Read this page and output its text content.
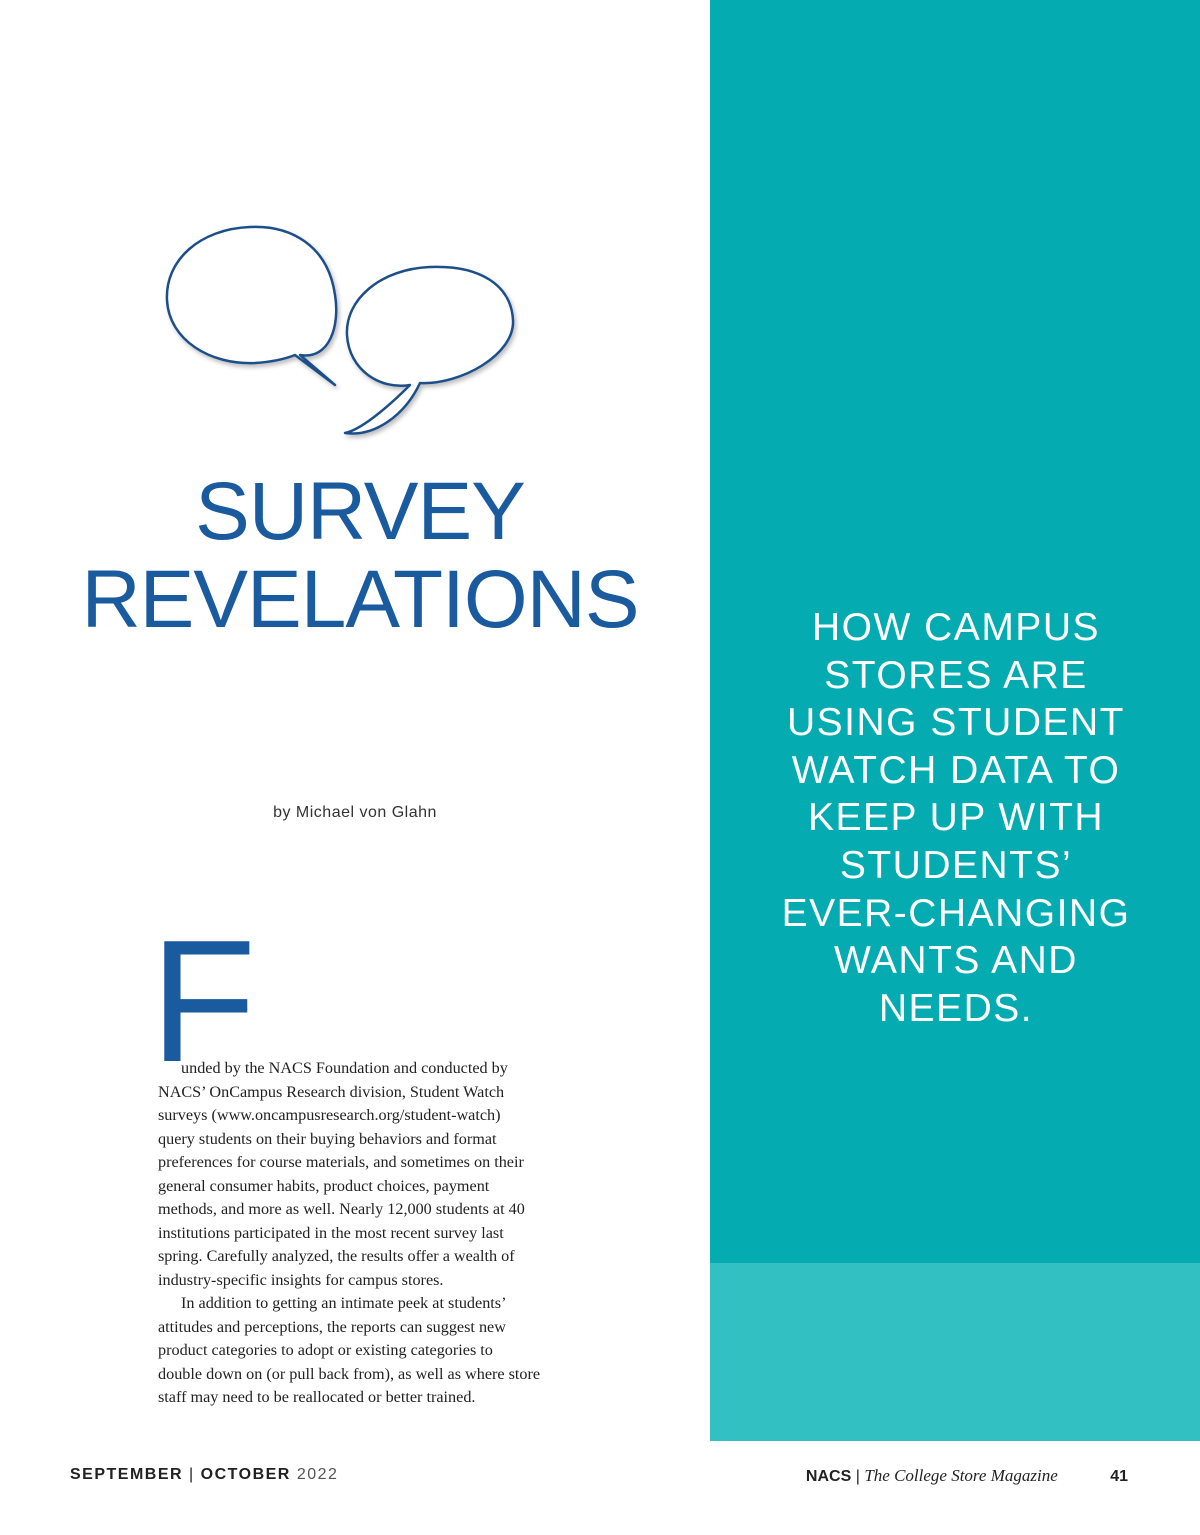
SURVEY
REVELATIONS
by Michael von Glahn

HOW CAMPUS
STORES ARE
USING STUDENT
WATCH DATA TO
KEEP UP WITH
STUDENTS’
EVER-CHANGING
WANTS AND
NEEDS.

F

unded by the NACS Foundation and conducted by
NACS’ OnCampus Research division, Student Watch
surveys (www.oncampusresearch.org/student-watch)
query students on their buying behaviors and format
preferences for course materials, and sometimes on their
general consumer habits, product choices, payment
methods, and more as well. Nearly 12,000 students at 40
institutions participated in the most recent survey last
spring. Carefully analyzed, the results offer a wealth of
industry-specific insights for campus stores.
In addition to getting an intimate peek at students’
attitudes and perceptions, the reports can suggest new
product categories to adopt or existing categories to
double down on (or pull back from), as well as where store
staff may need to be reallocated or better trained.

SEPTEMBER | OCTOBER 2022	NACS | The College Store Magazine	41
